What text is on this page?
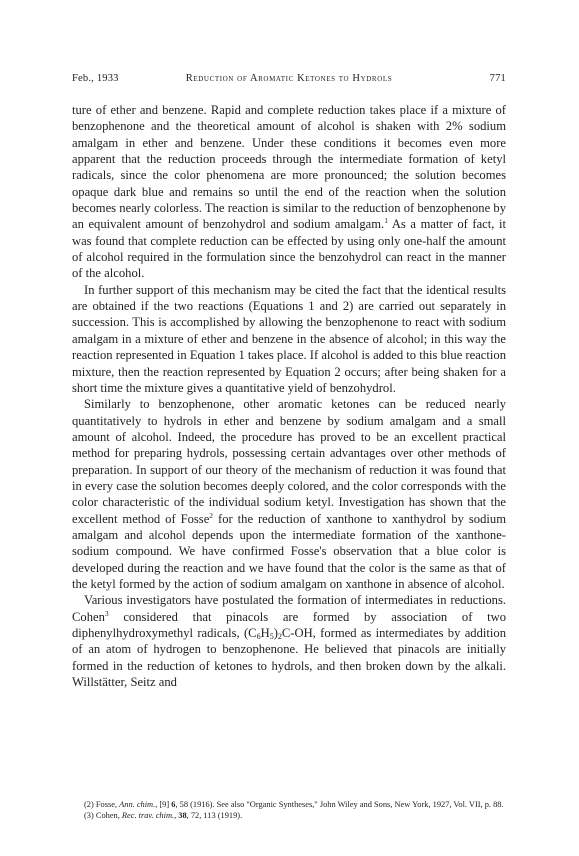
Feb., 1933	Reduction of Aromatic Ketones to Hydrols	771

ture of ether and benzene. Rapid and complete reduction takes place if a mixture of benzophenone and the theoretical amount of alcohol is shaken with 2% sodium amalgam in ether and benzene. Under these conditions it becomes even more apparent that the reduction proceeds through the intermediate formation of ketyl radicals, since the color phenomena are more pronounced; the solution becomes opaque dark blue and remains so until the end of the reaction when the solution becomes nearly colorless. The reaction is similar to the reduction of benzophenone by an equivalent amount of benzohydrol and sodium amalgam.$^1$ As a matter of fact, it was found that complete reduction can be effected by using only one-half the amount of alcohol required in the formulation since the benzohydrol can react in the manner of the alcohol.

In further support of this mechanism may be cited the fact that the identical results are obtained if the two reactions (Equations 1 and 2) are carried out separately in succession. This is accomplished by allowing the benzophenone to react with sodium amalgam in a mixture of ether and benzene in the absence of alcohol; in this way the reaction represented in Equation 1 takes place. If alcohol is added to this blue reaction mixture, then the reaction represented by Equation 2 occurs; after being shaken for a short time the mixture gives a quantitative yield of benzohydrol.

Similarly to benzophenone, other aromatic ketones can be reduced nearly quantitatively to hydrols in ether and benzene by sodium amalgam and a small amount of alcohol. Indeed, the procedure has proved to be an excellent practical method for preparing hydrols, possessing certain advantages over other methods of preparation. In support of our theory of the mechanism of reduction it was found that in every case the solution becomes deeply colored, and the color corresponds with the color characteristic of the individual sodium ketyl. Investigation has shown that the excellent method of Fosse$^2$ for the reduction of xanthone to xanthydrol by sodium amalgam and alcohol depends upon the intermediate formation of the xanthone-sodium compound. We have confirmed Fosse's observation that a blue color is developed during the reaction and we have found that the color is the same as that of the ketyl formed by the action of sodium amalgam on xanthone in absence of alcohol.

Various investigators have postulated the formation of intermediates in reductions. Cohen$^3$ considered that pinacols are formed by association of two diphenylhydroxymethyl radicals, $(C_6H_5)_2C-OH$, formed as intermediates by addition of an atom of hydrogen to benzophenone. He believed that pinacols are initially formed in the reduction of ketones to hydrols, and then broken down by the alkali. Willstätter, Seitz and

(2) Fosse, Ann. chim., [9] 6, 58 (1916). See also "Organic Syntheses," John Wiley and Sons, New York, 1927, Vol. VII, p. 88.

(3) Cohen, Rec. trav. chim., 38, 72, 113 (1919).
